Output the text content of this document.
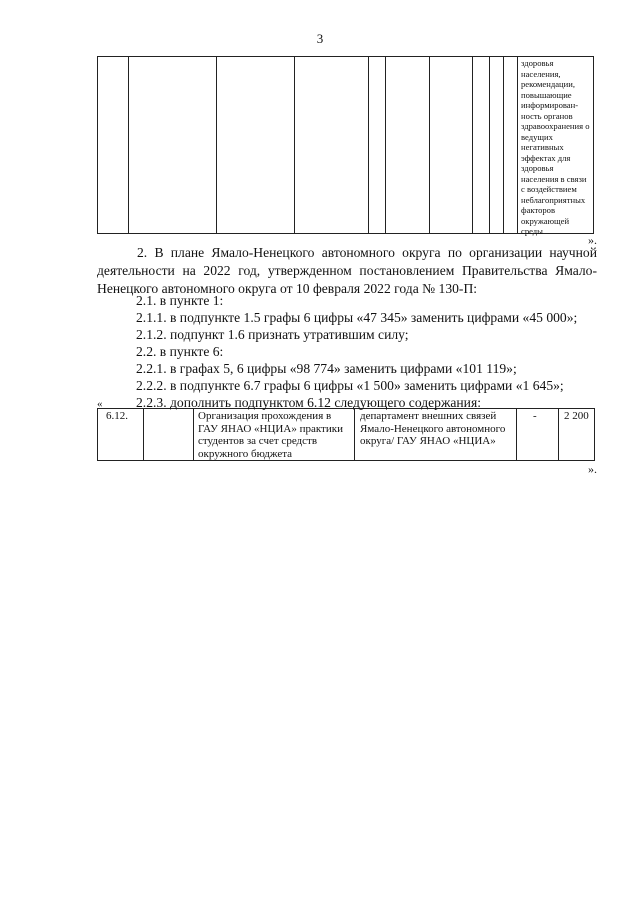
3
здоровья
населения,
рекомендации,
повышающие
информирован-
ность органов
здравоохранения о
ведущих
негативных
эффектах для
здоровья
населения в связи
с воздействием
неблагоприятных
факторов
окружающей
среды
».
2. В плане Ямало-Ненецкого автономного округа по организации научной деятельности на 2022 год, утвержденном постановлением Правительства Ямало-Ненецкого автономного округа от 10 февраля 2022 года № 130-П:
2.1. в пункте 1:
2.1.1. в подпункте 1.5 графы 6 цифры «47 345» заменить цифрами «45 000»;
2.1.2. подпункт 1.6 признать утратившим силу;
2.2. в пункте 6:
2.2.1. в графах 5, 6 цифры «98 774» заменить цифрами «101 119»;
2.2.2. в подпункте 6.7 графы 6 цифры «1 500» заменить цифрами «1 645»;
«
6.12.	Организация прохождения в ГАУ ЯНАО «НЦИА» практики студентов за счет средств окружного бюджета
департамент внешних связей Ямало-Ненецкого автономного округа/ ГАУ ЯНАО «НЦИА»
- 2 200
».
2.2.3. дополнить подпунктом 6.12 следующего содержания:
